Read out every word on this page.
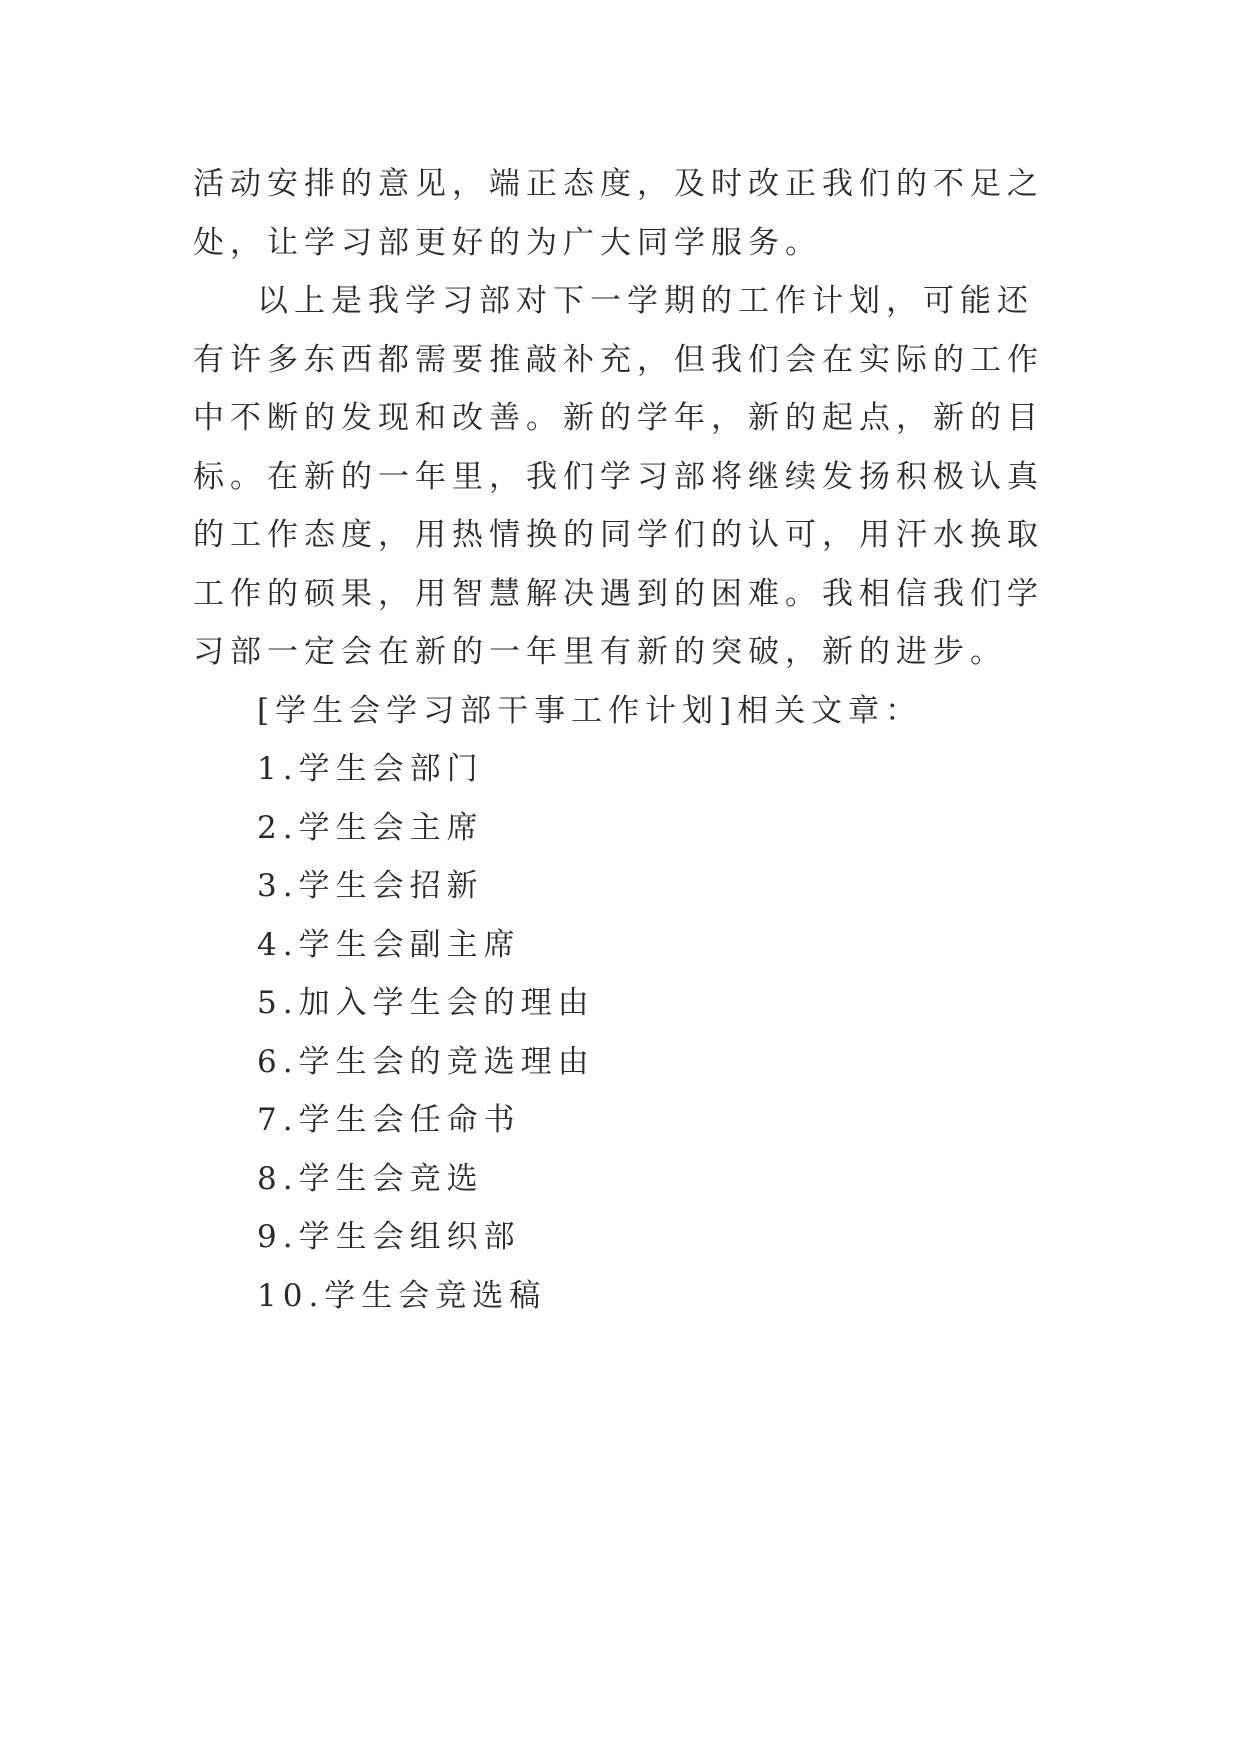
活动安排的意见，端正态度，及时改正我们的不足之处，让学习部更好的为广大同学服务。

以上是我学习部对下一学期的工作计划，可能还有许多东西都需要推敲补充，但我们会在实际的工作中不断的发现和改善。新的学年，新的起点，新的目标。在新的一年里，我们学习部将继续发扬积极认真的工作态度，用热情换的同学们的认可，用汗水换取工作的硕果，用智慧解决遇到的困难。我相信我们学习部一定会在新的一年里有新的突破，新的进步。

[学生会学习部干事工作计划]相关文章：

1.学生会部门
2.学生会主席
3.学生会招新
4.学生会副主席
5.加入学生会的理由
6.学生会的竞选理由
7.学生会任命书
8.学生会竞选
9.学生会组织部
10.学生会竞选稿
